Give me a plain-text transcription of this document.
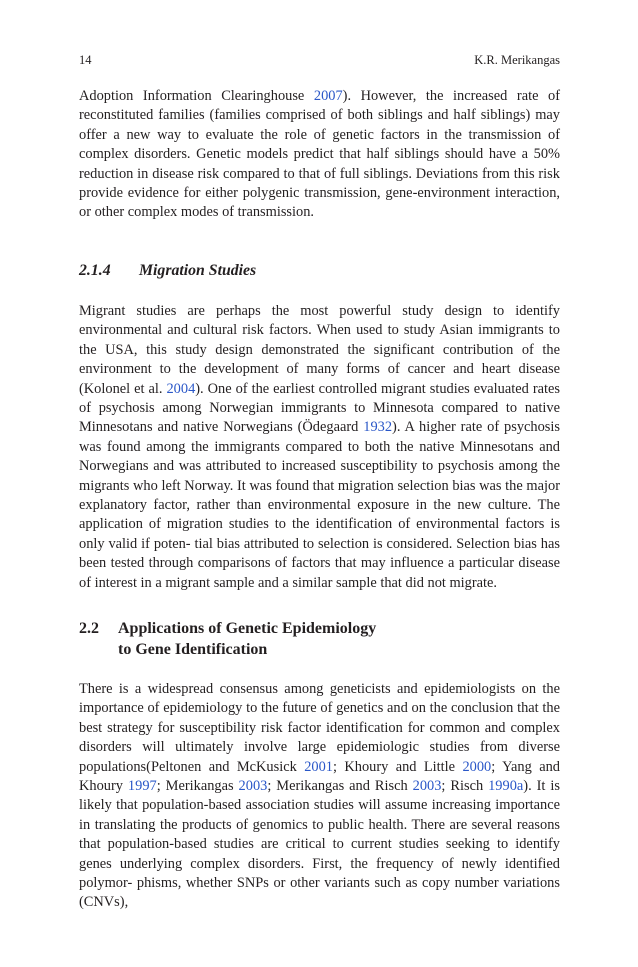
14	K.R. Merikangas
Adoption Information Clearinghouse 2007). However, the increased rate of reconstituted families (families comprised of both siblings and half siblings) may offer a new way to evaluate the role of genetic factors in the transmission of complex disorders. Genetic models predict that half siblings should have a 50% reduction in disease risk compared to that of full siblings. Deviations from this risk provide evidence for either polygenic transmission, gene-environment interaction, or other complex modes of transmission.
2.1.4	Migration Studies
Migrant studies are perhaps the most powerful study design to identify environmental and cultural risk factors. When used to study Asian immigrants to the USA, this study design demonstrated the significant contribution of the environment to the development of many forms of cancer and heart disease (Kolonel et al. 2004). One of the earliest controlled migrant studies evaluated rates of psychosis among Norwegian immigrants to Minnesota compared to native Minnesotans and native Norwegians (Ödegaard 1932). A higher rate of psychosis was found among the immigrants compared to both the native Minnesotans and Norwegians and was attributed to increased susceptibility to psychosis among the migrants who left Norway. It was found that migration selection bias was the major explanatory factor, rather than environmental exposure in the new culture. The application of migration studies to the identification of environmental factors is only valid if poten- tial bias attributed to selection is considered. Selection bias has been tested through comparisons of factors that may influence a particular disease of interest in a migrant sample and a similar sample that did not migrate.
2.2	Applications of Genetic Epidemiology
to Gene Identification
There is a widespread consensus among geneticists and epidemiologists on the importance of epidemiology to the future of genetics and on the conclusion that the best strategy for susceptibility risk factor identification for common and complex disorders will ultimately involve large epidemiologic studies from diverse populations(Peltonen and McKusick 2001; Khoury and Little 2000; Yang and Khoury 1997; Merikangas 2003; Merikangas and Risch 2003; Risch 1990a). It is likely that population-based association studies will assume increasing importance in translating the products of genomics to public health. There are several reasons that population-based studies are critical to current studies seeking to identify genes underlying complex disorders. First, the frequency of newly identified polymor- phisms, whether SNPs or other variants such as copy number variations (CNVs),
